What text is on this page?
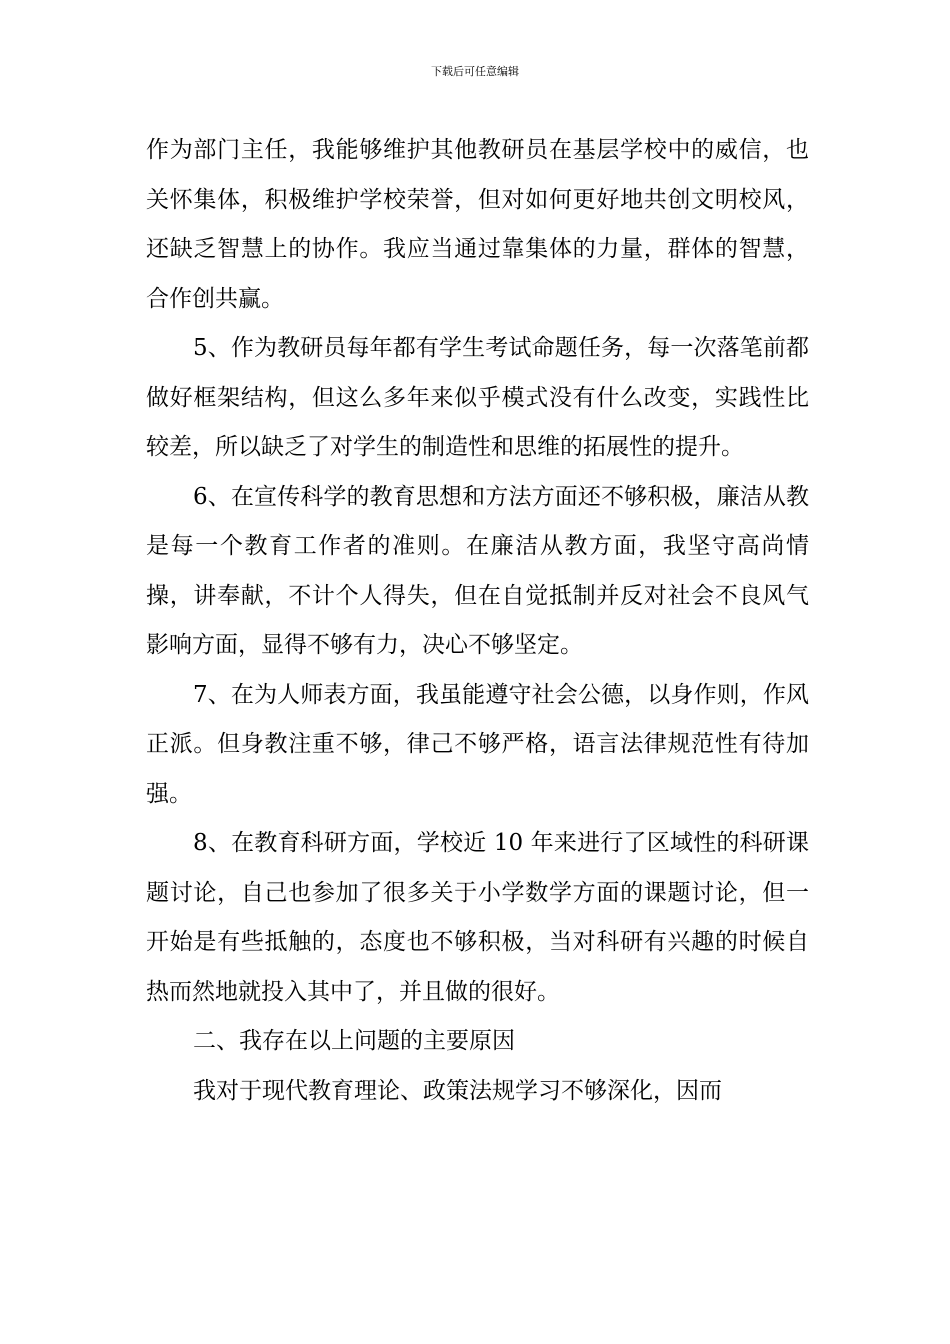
下载后可任意编辑

作为部门主任，我能够维护其他教研员在基层学校中的威信，也关怀集体，积极维护学校荣誉，但对如何更好地共创文明校风，还缺乏智慧上的协作。我应当通过靠集体的力量，群体的智慧，合作创共赢。

5、作为教研员每年都有学生考试命题任务，每一次落笔前都做好框架结构，但这么多年来似乎模式没有什么改变，实践性比较差，所以缺乏了对学生的制造性和思维的拓展性的提升。

6、在宣传科学的教育思想和方法方面还不够积极，廉洁从教是每一个教育工作者的准则。在廉洁从教方面，我坚守高尚情操，讲奉献，不计个人得失，但在自觉抵制并反对社会不良风气影响方面，显得不够有力，决心不够坚定。

7、在为人师表方面，我虽能遵守社会公德，以身作则，作风正派。但身教注重不够，律己不够严格，语言法律规范性有待加强。

8、在教育科研方面，学校近 10 年来进行了区域性的科研课题讨论，自己也参加了很多关于小学数学方面的课题讨论，但一开始是有些抵触的，态度也不够积极，当对科研有兴趣的时候自热而然地就投入其中了，并且做的很好。

二、我存在以上问题的主要原因

我对于现代教育理论、政策法规学习不够深化，因而
